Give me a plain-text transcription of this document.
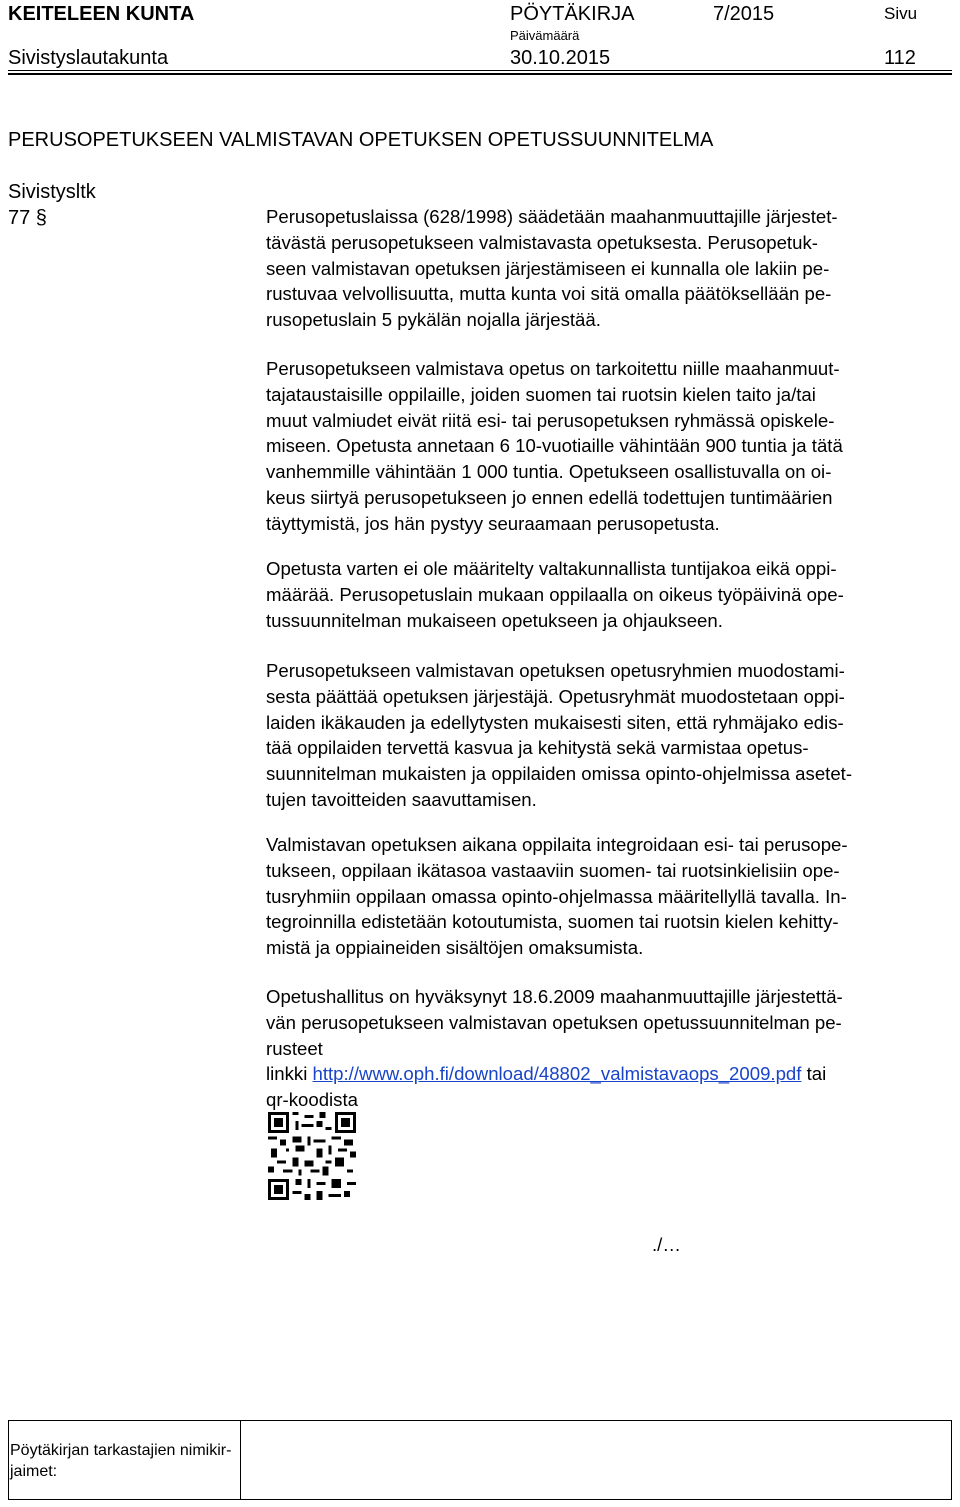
KEITELEEN KUNTA	PÖYTÄKIRJA	7/2015	Sivu
Sivistyslautakunta
Päivämäärä
30.10.2015	112
PERUSOPETUKSEEN VALMISTAVAN OPETUKSEN OPETUSSUUNNITELMA
Sivistysltk
77 §	Perusopetuslaissa (628/1998) säädetään maahanmuuttajille järjestet-
tävästä perusopetukseen valmistavasta opetuksesta. Perusopetuk-
seen valmistavan opetuksen järjestämiseen ei kunnalla ole lakiin pe-
rustuvaa velvollisuutta, mutta kunta voi sitä omalla päätöksellään pe-
rusopetuslain 5 pykälän nojalla järjestää.
Perusopetukseen valmistava opetus on tarkoitettu niille maahanmuut-
tajataustaisille oppilaille, joiden suomen tai ruotsin kielen taito ja/tai
muut valmiudet eivät riitä esi- tai perusopetuksen ryhmässä opiskele-
miseen. Opetusta annetaan 6 10-vuotiaille vähintään 900 tuntia ja tätä
vanhemmille vähintään 1 000 tuntia. Opetukseen osallistuvalla on oi-
keus siirtyä perusopetukseen jo ennen edellä todettujen tuntimäärien
täyttymistä, jos hän pystyy seuraamaan perusopetusta.
Opetusta varten ei ole määritelty valtakunnallista tuntijakoa eikä oppi-
määrää. Perusopetuslain mukaan oppilaalla on oikeus työpäivinä ope-
tussuunnitelman mukaiseen opetukseen ja ohjaukseen.
Perusopetukseen valmistavan opetuksen opetusryhmien muodostami-
sesta päättää opetuksen järjestäjä. Opetusryhmät muodostetaan oppi-
laiden ikäkauden ja edellytysten mukaisesti siten, että ryhmäjako edis-
tää oppilaiden tervettä kasvua ja kehitystä sekä varmistaa opetus-
suunnitelman mukaisten ja oppilaiden omissa opinto-ohjelmissa asetet-
tujen tavoitteiden saavuttamisen.
Valmistavan opetuksen aikana oppilaita integroidaan esi- tai perusope-
tukseen, oppilaan ikätasoa vastaaviin suomen- tai ruotsinkielisiin ope-
tusryhmiin oppilaan omassa opinto-ohjelmassa määritellyllä tavalla. In-
tegroinnilla edistetään kotoutumista, suomen tai ruotsin kielen kehitty-
mistä ja oppiaineiden sisältöjen omaksumista.
Opetushallitus on hyväksynyt 18.6.2009 maahanmuuttajille järjestettä-
vän perusopetukseen valmistavan opetuksen opetussuunnitelman pe-
rusteet
linkki http://www.oph.fi/download/48802_valmistavaops_2009.pdf tai
qr-koodista
./…
Pöytäkirjan tarkastajien nimikir-
jaimet:
